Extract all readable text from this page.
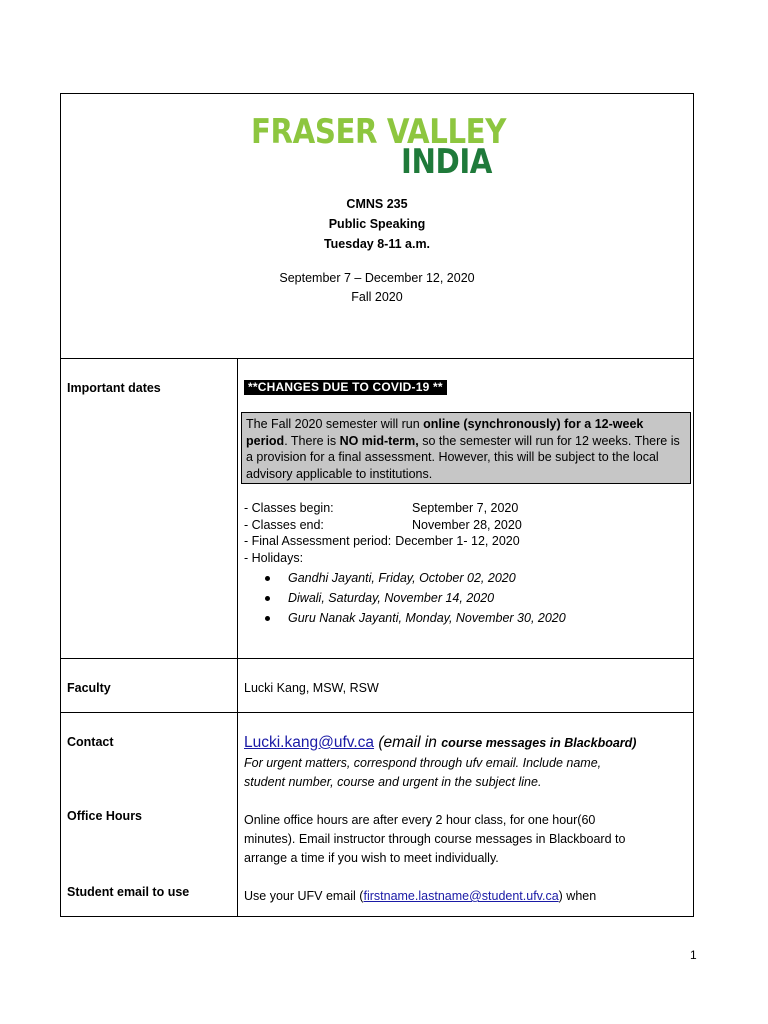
FRASER VALLEY
INDIA
CMNS 235
Public Speaking
Tuesday 8-11 a.m.
September 7 – December 12, 2020
Fall 2020
Important dates	**CHANGES DUE TO COVID-19 **
The Fall 2020 semester will run online (synchronously) for a 12-week period. There is NO mid-term, so the semester will run for 12 weeks. There is a provision for a final assessment. However, this will be subject to the local advisory applicable to institutions.
- Classes begin:	September 7, 2020
- Classes end:	November 28, 2020
- Final Assessment period: December 1- 12, 2020
- Holidays:
Gandhi Jayanti, Friday, October 02, 2020
Diwali, Saturday, November 14, 2020
Guru Nanak Jayanti, Monday, November 30, 2020
Faculty	Lucki Kang, MSW, RSW
Contact	Lucki.kang@ufv.ca (email in course messages in Blackboard)
For urgent matters, correspond through ufv email. Include name,
student number, course and urgent in the subject line.
Office Hours	Online office hours are after every 2 hour class, for one hour(60
minutes). Email instructor through course messages in Blackboard to
arrange a time if you wish to meet individually.
Student email to use	Use your UFV email (firstname.lastname@student.ufv.ca) when
1
